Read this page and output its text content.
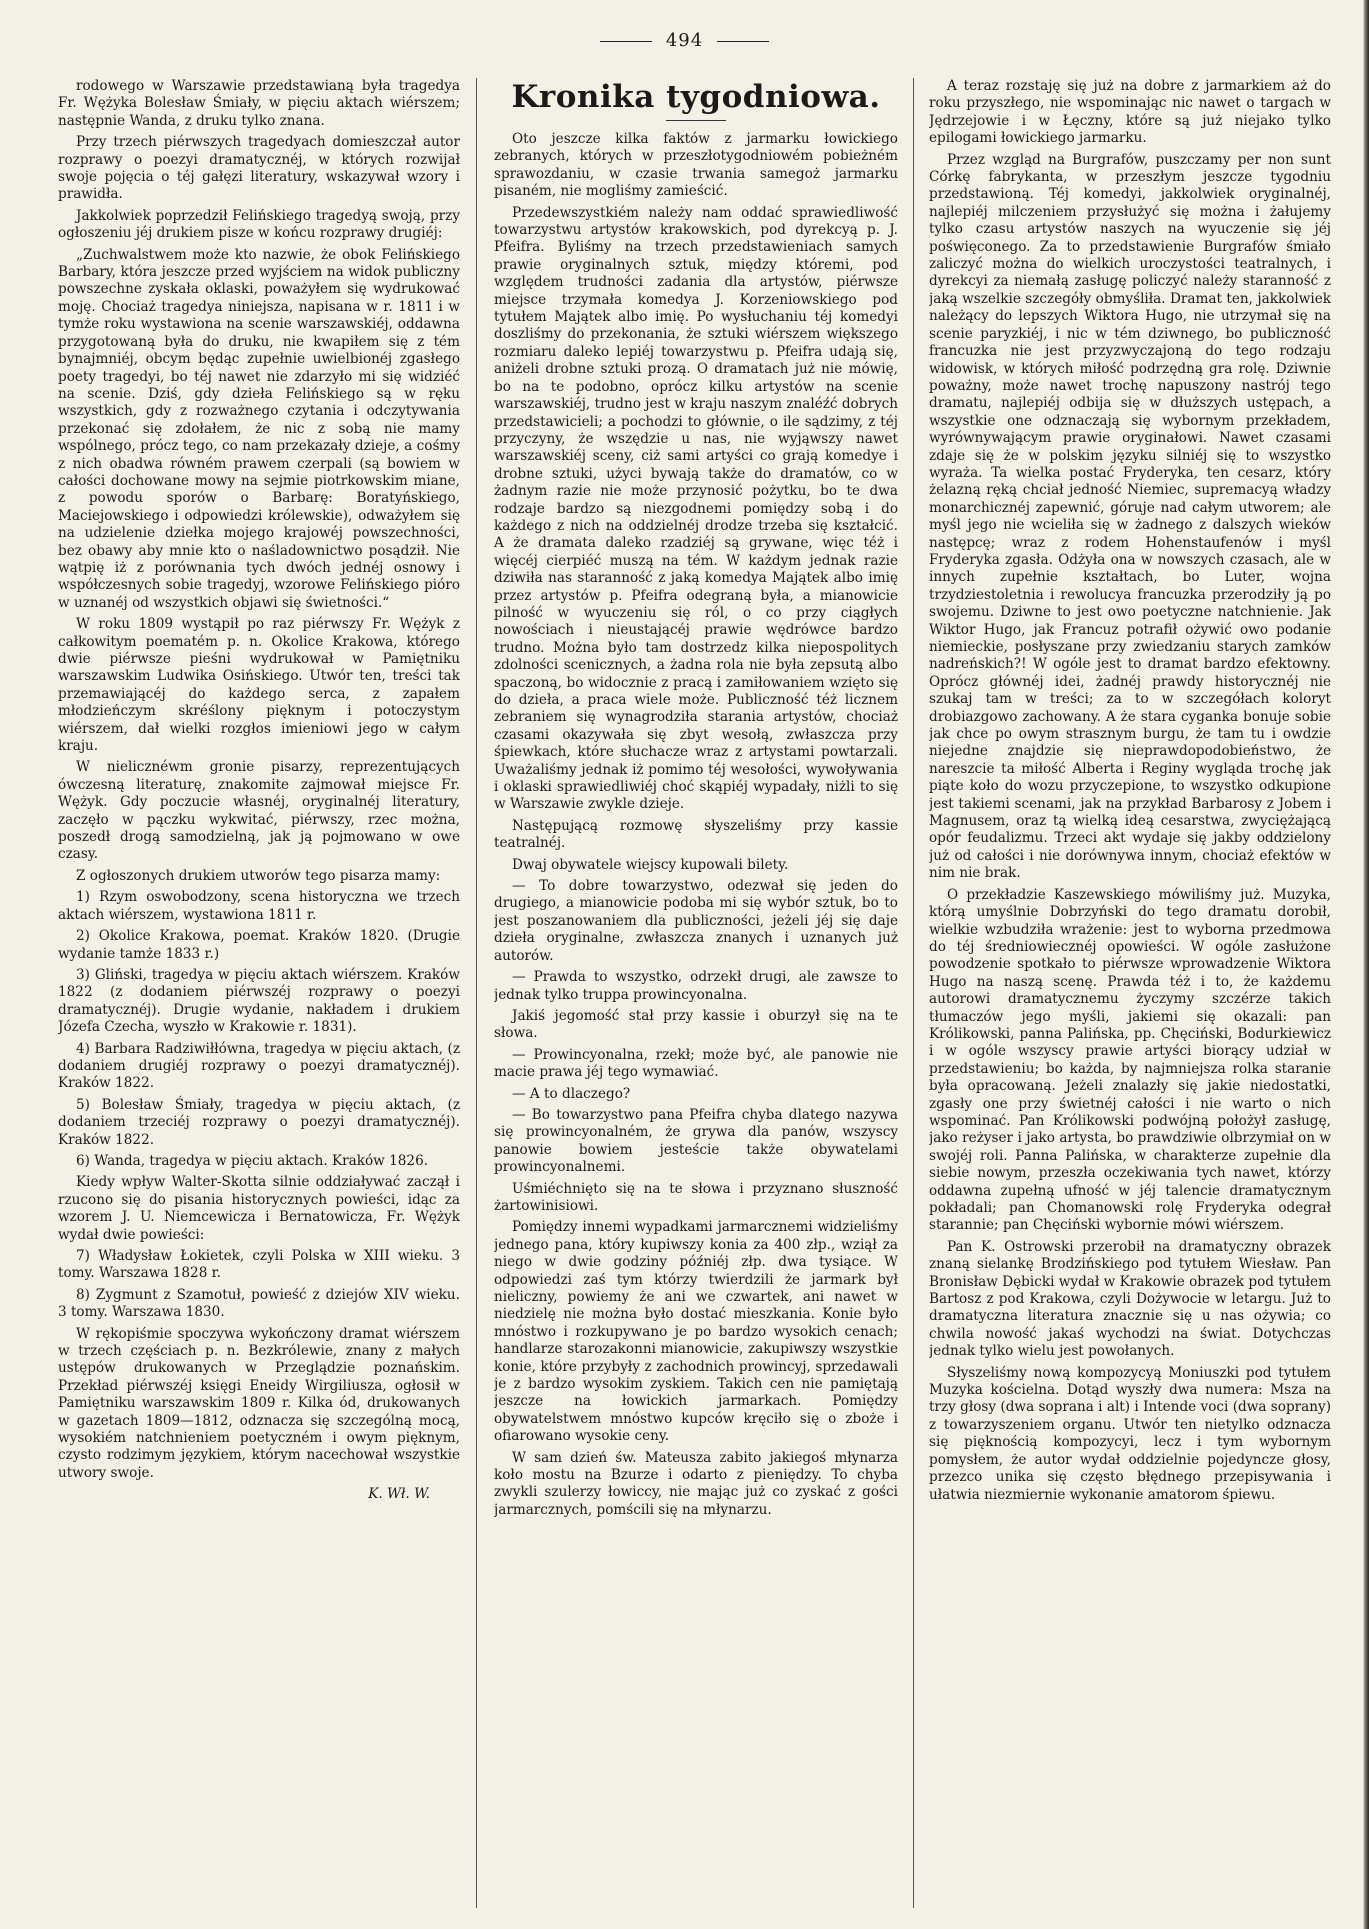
494

rodowego w Warszawie przedstawianą była tragedya Fr. Wężyka Bolesław Śmiały, w pięciu aktach wiérszem; następnie Wanda, z druku tylko znana.

Przy trzech piérwszych tragedyach domieszczał autor rozprawy o poezyi dramatycznéj, w których rozwijał swoje pojęcia o téj gałęzi literatury, wskazywał wzory i prawidła.

Jakkolwiek poprzedził Felińskiego tragedyą swoją, przy ogłoszeniu jéj drukiem pisze w końcu rozprawy drugiéj:

„Zuchwalstwem może kto nazwie, że obok Felińskiego Barbary, która jeszcze przed wyjściem na widok publiczny powszechne zyskała oklaski, poważyłem się wydrukować moję. Chociaż tragedya niniejsza, napisana w r. 1811 i w tymże roku wystawiona na scenie warszawskiéj, oddawna przygotowaną była do druku, nie kwapiłem się z tém bynajmniéj, obcym będąc zupełnie uwielbionéj zgasłego poety tragedyi, bo téj nawet nie zdarzyło mi się widziéć na scenie. Dziś, gdy dzieła Felińskiego są w ręku wszystkich, gdy z rozważnego czytania i odczytywania przekonać się zdołałem, że nic z sobą nie mamy wspólnego, prócz tego, co nam przekazały dzieje, a cośmy z nich obadwa równém prawem czerpali (są bowiem w całości dochowane mowy na sejmie piotrkowskim miane, z powodu sporów o Barbarę: Boratyńskiego, Maciejowskiego i odpowiedzi królewskie), odważyłem się na udzielenie dziełka mojego krajowéj powszechności, bez obawy aby mnie kto o naśladownictwo posądził. Nie wątpię iż z porównania tych dwóch jednéj osnowy i współczesnych sobie tragedyj, wzorowe Felińskiego pióro w uznanéj od wszystkich objawi się świetności.“

W roku 1809 wystąpił po raz piérwszy Fr. Wężyk z całkowitym poematém p. n. Okolice Krakowa, którego dwie piérwsze pieśni wydrukował w Pamiętniku warszawskim Ludwika Osińskiego. Utwór ten, treści tak przemawiającéj do każdego serca, z zapałem młodzieńczym skréślony pięknym i potoczystym wiérszem, dał wielki rozgłos imieniowi jego w całym kraju.

W nielicznéwm gronie pisarzy, reprezentujących ówczesną literaturę, znakomite zajmował miejsce Fr. Wężyk. Gdy poczucie własnéj, oryginalnéj literatury, zaczęło w pączku wykwitać, piérwszy, rzec można, poszedł drogą samodzielną, jak ją pojmowano w owe czasy.

Z ogłoszonych drukiem utworów tego pisarza mamy:

1) Rzym oswobodzony, scena historyczna we trzech aktach wiérszem, wystawiona 1811 r.

2) Okolice Krakowa, poemat. Kraków 1820. (Drugie wydanie tamże 1833 r.)

3) Gliński, tragedya w pięciu aktach wiérszem. Kraków 1822 (z dodaniem piérwszéj rozprawy o poezyi dramatycznéj). Drugie wydanie, nakładem i drukiem Józefa Czecha, wyszło w Krakowie r. 1831).

4) Barbara Radziwiłłówna, tragedya w pięciu aktach, (z dodaniem drugiéj rozprawy o poezyi dramatycznéj). Kraków 1822.

5) Bolesław Śmiały, tragedya w pięciu aktach, (z dodaniem trzeciéj rozprawy o poezyi dramatycznéj). Kraków 1822.

6) Wanda, tragedya w pięciu aktach. Kraków 1826.

Kiedy wpływ Walter-Skotta silnie oddziaływać zaczął i rzucono się do pisania historycznych powieści, idąc za wzorem J. U. Niemcewicza i Bernatowicza, Fr. Wężyk wydał dwie powieści:

7) Władysław Łokietek, czyli Polska w XIII wieku. 3 tomy. Warszawa 1828 r.

8) Zygmunt z Szamotuł, powieść z dziejów XIV wieku. 3 tomy. Warszawa 1830.

W rękopiśmie spoczywa wykończony dramat wiérszem w trzech częściach p. n. Bezkrólewie, znany z małych ustępów drukowanych w Przeglądzie poznańskim. Przekład piérwszéj księgi Eneidy Wirgiliusza, ogłosił w Pamiętniku warszawskim 1809 r. Kilka ód, drukowanych w gazetach 1809—1812, odznacza się szczególną mocą, wysokiém natchnieniem poetyczném i owym pięknym, czysto rodzimym językiem, którym nacechował wszystkie utwory swoje.

K. Wł. W.

Kronika tygodniowa.

Oto jeszcze kilka faktów z jarmarku łowickiego zebranych, których w przeszłotygodniowém pobieżném sprawozdaniu, w czasie trwania samegoż jarmarku pisaném, nie mogliśmy zamieścić.

Przedewszystkiém należy nam oddać sprawiedliwość towarzystwu artystów krakowskich, pod dyrekcyą p. J. Pfeifra. Byliśmy na trzech przedstawieniach samych prawie oryginalnych sztuk, między któremi, pod względem trudności zadania dla artystów, piérwsze miejsce trzymała komedya J. Korzeniowskiego pod tytułem Majątek albo imię. Po wysłuchaniu téj komedyi doszliśmy do przekonania, że sztuki wiérszem większego rozmiaru daleko lepiéj towarzystwu p. Pfeifra udają się, aniżeli drobne sztuki prozą. O dramatach już nie mówię, bo na te podobno, oprócz kilku artystów na scenie warszawskiéj, trudno jest w kraju naszym znaléźć dobrych przedstawicieli; a pochodzi to głównie, o ile sądzimy, z téj przyczyny, że wszędzie u nas, nie wyjąwszy nawet warszawskiéj sceny, ciż sami artyści co grają komedye i drobne sztuki, użyci bywają także do dramatów, co w żadnym razie nie może przynosić pożytku, bo te dwa rodzaje bardzo są niezgodnemi pomiędzy sobą i do każdego z nich na oddzielnéj drodze trzeba się kształcić. A że dramata daleko rzadziéj są grywane, więc téż i więcéj cierpiéć muszą na tém. W każdym jednak razie dziwiła nas staranność z jaką komedya Majątek albo imię przez artystów p. Pfeifra odegraną była, a mianowicie pilność w wyuczeniu się ról, o co przy ciągłych nowościach i nieustającéj prawie wędrówce bardzo trudno. Można było tam dostrzedz kilka niepospolitych zdolności scenicznych, a żadna rola nie była zepsutą albo spaczoną, bo widocznie z pracą i zamiłowaniem wzięto się do dzieła, a praca wiele może. Publiczność téż licznem zebraniem się wynagrodziła starania artystów, chociaż czasami okazywała się zbyt wesołą, zwłaszcza przy śpiewkach, które słuchacze wraz z artystami powtarzali. Uważaliśmy jednak iż pomimo téj wesołości, wywoływania i oklaski sprawiedliwiéj choć skąpiéj wypadały, niżli to się w Warszawie zwykle dzieje.

Następującą rozmowę słyszeliśmy przy kassie teatralnéj.

Dwaj obywatele wiejscy kupowali bilety.

— To dobre towarzystwo, odezwał się jeden do drugiego, a mianowicie podoba mi się wybór sztuk, bo to jest poszanowaniem dla publiczności, jeżeli jéj się daje dzieła oryginalne, zwłaszcza znanych i uznanych już autorów.

— Prawda to wszystko, odrzekł drugi, ale zawsze to jednak tylko truppa prowincyonalna.

Jakiś jegomość stał przy kassie i oburzył się na te słowa.

— Prowincyonalna, rzekł; może być, ale panowie nie macie prawa jéj tego wymawiać.

— A to dlaczego?

— Bo towarzystwo pana Pfeifra chyba dlatego nazywa się prowincyonalném, że grywa dla panów, wszyscy panowie bowiem jesteście także obywatelami prowincyonalnemi.

Uśmiéchnięto się na te słowa i przyznano słuszność żartowinisiowi.

Pomiędzy innemi wypadkami jarmarcznemi widzieliśmy jednego pana, który kupiwszy konia za 400 złp., wziął za niego w dwie godziny późniéj złp. dwa tysiące. W odpowiedzi zaś tym którzy twierdzili że jarmark był nieliczny, powiemy że ani we czwartek, ani nawet w niedzielę nie można było dostać mieszkania. Konie było mnóstwo i rozkupywano je po bardzo wysokich cenach; handlarze starozakonni mianowicie, zakupiwszy wszystkie konie, które przybyły z zachodnich prowincyj, sprzedawali je z bardzo wysokim zyskiem. Takich cen nie pamiętają jeszcze na łowickich jarmarkach. Pomiędzy obywatelstwem mnóstwo kupców kręciło się o zboże i ofiarowano wysokie ceny.

W sam dzień św. Mateusza zabito jakiegoś młynarza koło mostu na Bzurze i odarto z pieniędzy. To chyba zwykli szulerzy łowiccy, nie mając już co zyskać z gości jarmarcznych, pomścili się na młynarzu.

A teraz rozstaję się już na dobre z jarmarkiem aż do roku przyszłego, nie wspominając nic nawet o targach w Jędrzejowie i w Łęczny, które są już niejako tylko epilogami łowickiego jarmarku.

Przez wzgląd na Burgrafów, puszczamy per non sunt Córkę fabrykanta, w przeszłym jeszcze tygodniu przedstawioną. Téj komedyi, jakkolwiek oryginalnéj, najlepiéj milczeniem przysłużyć się można i żałujemy tylko czasu artystów naszych na wyuczenie się jéj poświęconego. Za to przedstawienie Burgrafów śmiało zaliczyć można do wielkich uroczystości teatralnych, i dyrekcyi za niemałą zasługę policzyć należy staranność z jaką wszelkie szczegóły obmyśliła. Dramat ten, jakkolwiek należący do lepszych Wiktora Hugo, nie utrzymał się na scenie paryzkiéj, i nic w tém dziwnego, bo publiczność francuzka nie jest przyzwyczajoną do tego rodzaju widowisk, w których miłość podrzędną gra rolę. Dziwnie poważny, może nawet trochę napuszony nastrój tego dramatu, najlepiéj odbija się w dłuższych ustępach, a wszystkie one odznaczają się wybornym przekładem, wyrównywającym prawie oryginałowi. Nawet czasami zdaje się że w polskim języku silniéj się to wszystko wyraża. Ta wielka postać Fryderyka, ten cesarz, który żelazną ręką chciał jedność Niemiec, supremacyą władzy monarchicznéj zapewnić, góruje nad całym utworem; ale myśl jego nie wcieliła się w żadnego z dalszych wieków następcę; wraz z rodem Hohenstaufenów i myśl Fryderyka zgasła. Odżyła ona w nowszych czasach, ale w innych zupełnie kształtach, bo Luter, wojna trzydziestoletnia i rewolucya francuzka przerodziły ją po swojemu. Dziwne to jest owo poetyczne natchnienie. Jak Wiktor Hugo, jak Francuz potrafił ożywić owo podanie niemieckie, posłyszane przy zwiedzaniu starych zamków nadreńskich?! W ogóle jest to dramat bardzo efektowny. Oprócz głównéj idei, żadnéj prawdy historycznéj nie szukaj tam w treści; za to w szczegółach koloryt drobiazgowo zachowany. A że stara cyganka bonuje sobie jak chce po owym strasznym burgu, że tam tu i owdzie niejedne znajdzie się nieprawdopodobieństwo, że nareszcie ta miłość Alberta i Reginy wygląda trochę jak piąte koło do wozu przyczepione, to wszystko odkupione jest takiemi scenami, jak na przykład Barbarosy z Jobem i Magnusem, oraz tą wielką ideą cesarstwa, zwyciężającą opór feudalizmu. Trzeci akt wydaje się jakby oddzielony już od całości i nie dorównywa innym, chociaż efektów w nim nie brak.

O przekładzie Kaszewskiego mówiliśmy już. Muzyka, którą umyślnie Dobrzyński do tego dramatu dorobił, wielkie wzbudziła wrażenie: jest to wyborna przedmowa do téj średniowiecznéj opowieści. W ogóle zasłużone powodzenie spotkało to piérwsze wprowadzenie Wiktora Hugo na naszą scenę. Prawda téż i to, że każdemu autorowi dramatycznemu życzymy szczérze takich tłumaczów jego myśli, jakiemi się okazali: pan Królikowski, panna Palińska, pp. Chęciński, Bodurkiewicz i w ogóle wszyscy prawie artyści biorący udział w przedstawieniu; bo każda, by najmniejsza rolka staranie była opracowaną. Jeżeli znalazły się jakie niedostatki, zgasły one przy świetnéj całości i nie warto o nich wspominać. Pan Królikowski podwójną położył zasługę, jako reżyser i jako artysta, bo prawdziwie olbrzymiał on w swojéj roli. Panna Palińska, w charakterze zupełnie dla siebie nowym, przeszła oczekiwania tych nawet, którzy oddawna zupełną ufność w jéj talencie dramatycznym pokładali; pan Chomanowski rolę Fryderyka odegrał starannie; pan Chęciński wybornie mówi wiérszem.

Pan K. Ostrowski przerobił na dramatyczny obrazek znaną sielankę Brodzińskiego pod tytułem Wiesław. Pan Bronisław Dębicki wydał w Krakowie obrazek pod tytułem Bartosz z pod Krakowa, czyli Dożywocie w letargu. Już to dramatyczna literatura znacznie się u nas ożywia; co chwila nowość jakaś wychodzi na świat. Dotychczas jednak tylko wielu jest powołanych.

Słyszeliśmy nową kompozycyą Moniuszki pod tytułem Muzyka kościelna. Dotąd wyszły dwa numera: Msza na trzy głosy (dwa soprana i alt) i Intende voci (dwa soprany) z towarzyszeniem organu. Utwór ten nietylko odznacza się pięknością kompozycyi, lecz i tym wybornym pomysłem, że autor wydał oddzielnie pojedyncze głosy, przezco unika się często błędnego przepisywania i ułatwia niezmiernie wykonanie amatorom śpiewu.
